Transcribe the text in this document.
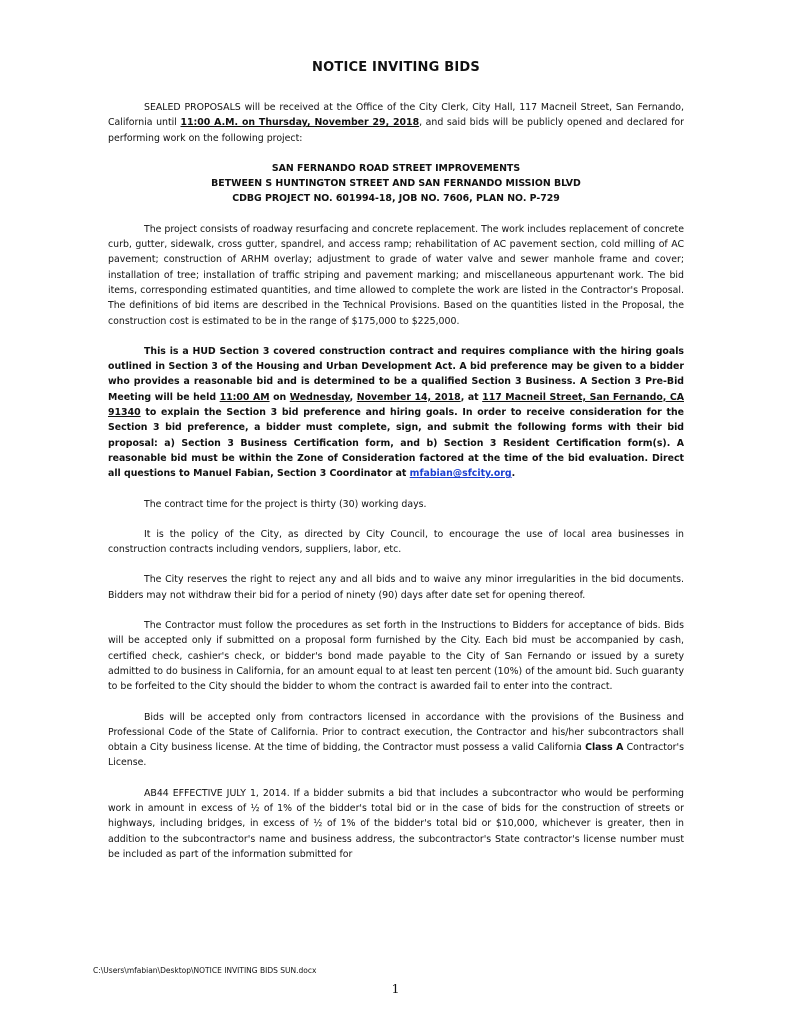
NOTICE INVITING BIDS

SEALED PROPOSALS will be received at the Office of the City Clerk, City Hall, 117 Macneil Street, San Fernando, California until 11:00 A.M. on Thursday, November 29, 2018, and said bids will be publicly opened and declared for performing work on the following project:

SAN FERNANDO ROAD STREET IMPROVEMENTS
BETWEEN S HUNTINGTON STREET AND SAN FERNANDO MISSION BLVD
CDBG PROJECT NO. 601994-18, JOB NO. 7606, PLAN NO. P-729

The project consists of roadway resurfacing and concrete replacement. The work includes replacement of concrete curb, gutter, sidewalk, cross gutter, spandrel, and access ramp; rehabilitation of AC pavement section, cold milling of AC pavement; construction of ARHM overlay; adjustment to grade of water valve and sewer manhole frame and cover; installation of tree; installation of traffic striping and pavement marking; and miscellaneous appurtenant work. The bid items, corresponding estimated quantities, and time allowed to complete the work are listed in the Contractor's Proposal. The definitions of bid items are described in the Technical Provisions. Based on the quantities listed in the Proposal, the construction cost is estimated to be in the range of $175,000 to $225,000.

This is a HUD Section 3 covered construction contract and requires compliance with the hiring goals outlined in Section 3 of the Housing and Urban Development Act. A bid preference may be given to a bidder who provides a reasonable bid and is determined to be a qualified Section 3 Business. A Section 3 Pre-Bid Meeting will be held 11:00 AM on Wednesday, November 14, 2018, at 117 Macneil Street, San Fernando, CA 91340 to explain the Section 3 bid preference and hiring goals. In order to receive consideration for the Section 3 bid preference, a bidder must complete, sign, and submit the following forms with their bid proposal: a) Section 3 Business Certification form, and b) Section 3 Resident Certification form(s). A reasonable bid must be within the Zone of Consideration factored at the time of the bid evaluation. Direct all questions to Manuel Fabian, Section 3 Coordinator at mfabian@sfcity.org.

The contract time for the project is thirty (30) working days.

It is the policy of the City, as directed by City Council, to encourage the use of local area businesses in construction contracts including vendors, suppliers, labor, etc.

The City reserves the right to reject any and all bids and to waive any minor irregularities in the bid documents. Bidders may not withdraw their bid for a period of ninety (90) days after date set for opening thereof.

The Contractor must follow the procedures as set forth in the Instructions to Bidders for acceptance of bids. Bids will be accepted only if submitted on a proposal form furnished by the City. Each bid must be accompanied by cash, certified check, cashier's check, or bidder's bond made payable to the City of San Fernando or issued by a surety admitted to do business in California, for an amount equal to at least ten percent (10%) of the amount bid. Such guaranty to be forfeited to the City should the bidder to whom the contract is awarded fail to enter into the contract.

Bids will be accepted only from contractors licensed in accordance with the provisions of the Business and Professional Code of the State of California. Prior to contract execution, the Contractor and his/her subcontractors shall obtain a City business license. At the time of bidding, the Contractor must possess a valid California Class A Contractor's License.

AB44 EFFECTIVE JULY 1, 2014. If a bidder submits a bid that includes a subcontractor who would be performing work in amount in excess of ½ of 1% of the bidder's total bid or in the case of bids for the construction of streets or highways, including bridges, in excess of ½ of 1% of the bidder's total bid or $10,000, whichever is greater, then in addition to the subcontractor's name and business address, the subcontractor's State contractor's license number must be included as part of the information submitted for

C:\Users\mfabian\Desktop\NOTICE INVITING BIDS SUN.docx
1
